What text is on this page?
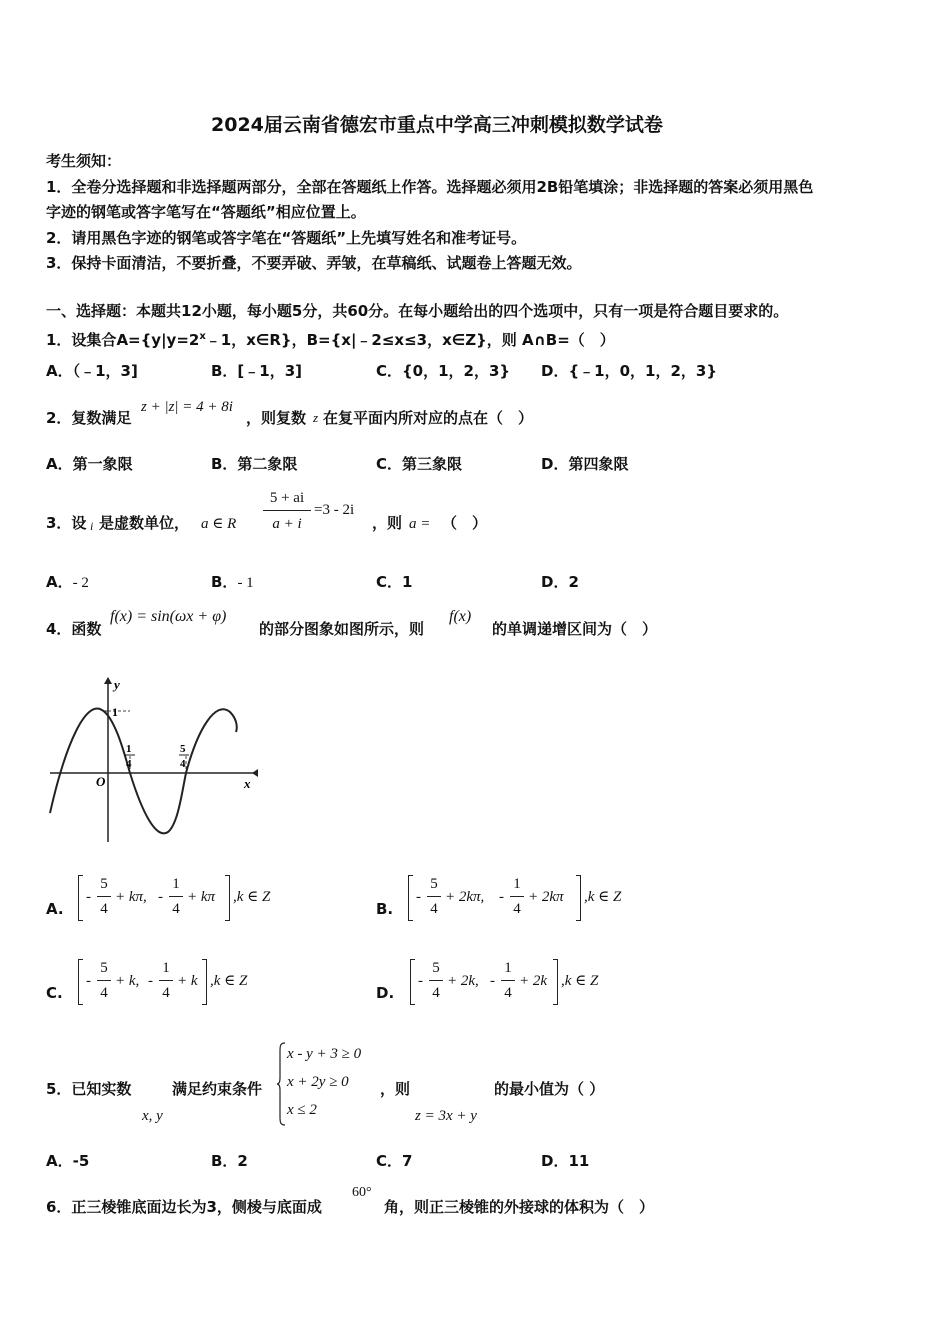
2024届云南省德宏市重点中学高三冲刺模拟数学试卷
考生须知：
1．全卷分选择题和非选择题两部分，全部在答题纸上作答。选择题必须用2B铅笔填涂；非选择题的答案必须用黑色
字迹的钢笔或答字笔写在“答题纸”相应位置上。
2．请用黑色字迹的钢笔或答字笔在“答题纸”上先填写姓名和准考证号。
3．保持卡面清洁，不要折叠，不要弄破、弄皱，在草稿纸、试题卷上答题无效。
一、选择题：本题共12小题，每小题5分，共60分。在每小题给出的四个选项中，只有一项是符合题目要求的。
1．设集合$A=\{y|y=2^x﹣1$，x∈R}，B={x|﹣2≤x≤3，x∈Z}，则 A∩B=（　）
A．（﹣1，3]	B．[﹣1，3]	C．{0，1，2，3} D．{﹣1，0，1，2，3}
2．复数满足
z + |z| = 4 + 8i
，则复数 z 在复平面内所对应的点在（　）
A．第一象限	B．第二象限	C．第三象限	D．第四象限
3．设 i 是虚数单位， a ∈ R
5 + ai
a + i
=3 - 2i
，则 a = （　）
A．- 2	B．- 1	C．1	D．2
4．函数
f(x) = sin(ωx + φ)
的部分图象如图所示，则
f(x)
的单调递增区间为（　）
y
x
O
1
1
4
5
4
A.
-
5
4
+ kπ, -
1
4
+ kπ ,k ∈ Z
B.
-
5
4
+ 2kπ, -
1
4
+ 2kπ ,k ∈ Z
C.
-
5
4
+ k, -
1
4
+ k ,k ∈ Z
D.
-
5
4
+ 2k, -
1
4
+ 2k ,k ∈ Z
5．已知实数
x, y
满足约束条件
x - y + 3 ≥ 0
x + 2y ≥ 0
x ≤ 2
，则
z = 3x + y
的最小值为（ ）
A．-5	B．2	C．7	D．11
6．正三棱锥底面边长为3，侧棱与底面成
60°
角，则正三棱锥的外接球的体积为（　）
